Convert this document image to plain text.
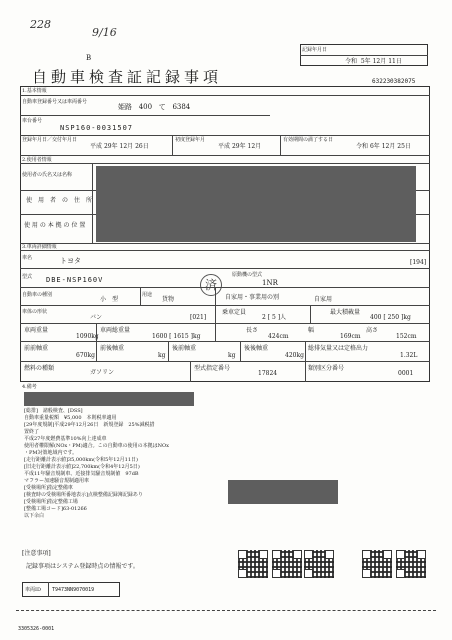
228
9/16
B
記録年月日
令和 5年 12月 11日
自動車検査証記録事項	632230382075
1.基本情報
自動車登録番号又は車両番号
姫路 400 て 6384
車台番号
NSP160-0031507
登録年月日／交付年月日
平成 29年 12月 26日
初度登録年月
平成 29年 12月
有効期間の満了する日
令和 6年 12月 25日
2.使用者情報
使用者の氏名又は名称
使　用　者　の　住　所
使 用 の 本 拠 の 位 置
3.車両詳細情報
車名	トヨタ	[194]
型式 DBE-NSP160V
原動機の型式
1NR
済
自動車の種別
小　型
用途
貨物	自家用・事業用の別	自家用
車体の形状
バン	[021]
乗車定員
2 [ 5 ]人
最大積載量
400 [ 250 ]kg
車両重量
1090kg
車両総重量
1600 [ 1615 ]kg
長さ
424cm
幅
169cm
高さ
152cm
前前軸重
670kg
前後軸重
kg
後前軸重
kg
後後軸重
420kg
総排気量又は定格出力
1.32L
燃料の種類
ガソリン
型式指定番号
17824
類別区分番号
0001
4.備考
[総排]　諸般検査、[DSS]
自動車重量税額　¥5,000　本則税率適用
[29年度規制]平成29年12月26日　新規登録　25%減税措
置終了
平成27年度燃費基準10%向上達成車
使用者權限解(NOx・PM)適合。この自動車の使用の本拠はNOx
・PM対策地域内です。
[走行距離計表示値]35,000km(令和5年12月11日)
[旧走行距離計表示値]22,700km(令和4年12月5日)
平成11年騒音規制車、近接排気騒音規制値　97dB
マフラー加速騒音規制適用車
[受検場所]指定整備車
[検査時の受検場所番地表示]点検整備記録簿記録あり
[受検場所]指定整備工場
[整備工場コード]63-01266
以下余白
[注意事項]
記録事項はシステム登録時点の情報です。
車両ID T9473NN9070019
3305326-0001
